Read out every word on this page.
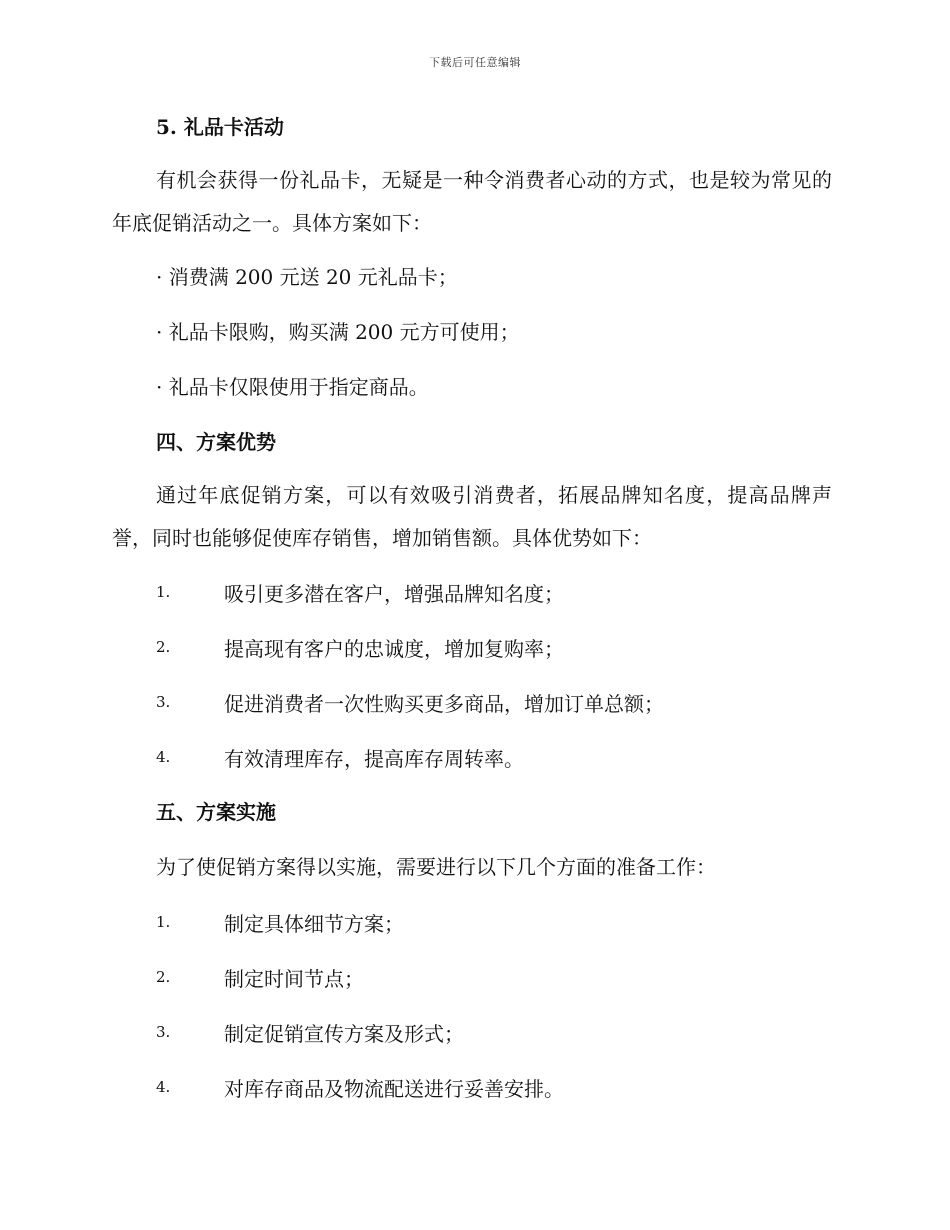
下载后可任意编辑
5. 礼品卡活动

有机会获得一份礼品卡，无疑是一种令消费者心动的方式，也是较为常见的年底促销活动之一。具体方案如下：

· 消费满 200 元送 20 元礼品卡；

· 礼品卡限购，购买满 200 元方可使用；

· 礼品卡仅限使用于指定商品。

四、方案优势

通过年底促销方案，可以有效吸引消费者，拓展品牌知名度，提高品牌声誉，同时也能够促使库存销售，增加销售额。具体优势如下：

1.	吸引更多潜在客户，增强品牌知名度；
2.	提高现有客户的忠诚度，增加复购率；
3.	促进消费者一次性购买更多商品，增加订单总额；
4.	有效清理库存，提高库存周转率。
五、方案实施

为了使促销方案得以实施，需要进行以下几个方面的准备工作：

1.	制定具体细节方案；
2.	制定时间节点；
3.	制定促销宣传方案及形式；
4.	对库存商品及物流配送进行妥善安排。
